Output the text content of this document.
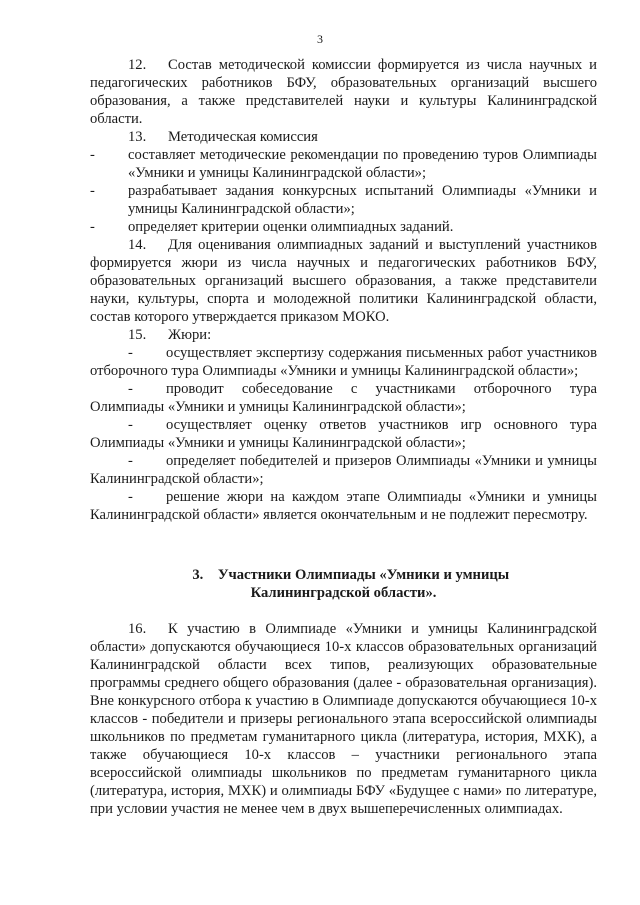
3

12. Состав методической комиссии формируется из числа научных и педагогических работников БФУ, образовательных организаций высшего образования, а также представителей науки и культуры Калининградской области.

13. Методическая комиссия

-	составляет методические рекомендации по проведению туров Олимпиады «Умники и умницы Калининградской области»;
-	разрабатывает задания конкурсных испытаний Олимпиады «Умники и умницы Калининградской области»;
-	определяет критерии оценки олимпиадных заданий.

14. Для оценивания олимпиадных заданий и выступлений участников формируется жюри из числа научных и педагогических работников БФУ, образовательных организаций высшего образования, а также представители науки, культуры, спорта и молодежной политики Калининградской области, состав которого утверждается приказом МОКО.

15. Жюри:

- осуществляет экспертизу содержания письменных работ участников отборочного тура Олимпиады «Умники и умницы Калининградской области»;

- проводит собеседование с участниками отборочного тура Олимпиады «Умники и умницы Калининградской области»;

- осуществляет оценку ответов участников игр основного тура Олимпиады «Умники и умницы Калининградской области»;

- определяет победителей и призеров Олимпиады «Умники и умницы Калининградской области»;

- решение жюри на каждом этапе Олимпиады «Умники и умницы Калининградской области» является окончательным и не подлежит пересмотру.

3. Участники Олимпиады «Умники и умницы
Калининградской области».

16. К участию в Олимпиаде «Умники и умницы Калининградской области» допускаются обучающиеся 10-х классов образовательных организаций Калининградской области всех типов, реализующих образовательные программы среднего общего образования (далее - образовательная организация). Вне конкурсного отбора к участию в Олимпиаде допускаются обучающиеся 10-х классов - победители и призеры регионального этапа всероссийской олимпиады школьников по предметам гуманитарного цикла (литература, история, МХК), а также обучающиеся 10-х классов – участники регионального этапа всероссийской олимпиады школьников по предметам гуманитарного цикла (литература, история, МХК) и олимпиады БФУ «Будущее с нами» по литературе, при условии участия не менее чем в двух вышеперечисленных олимпиадах.
